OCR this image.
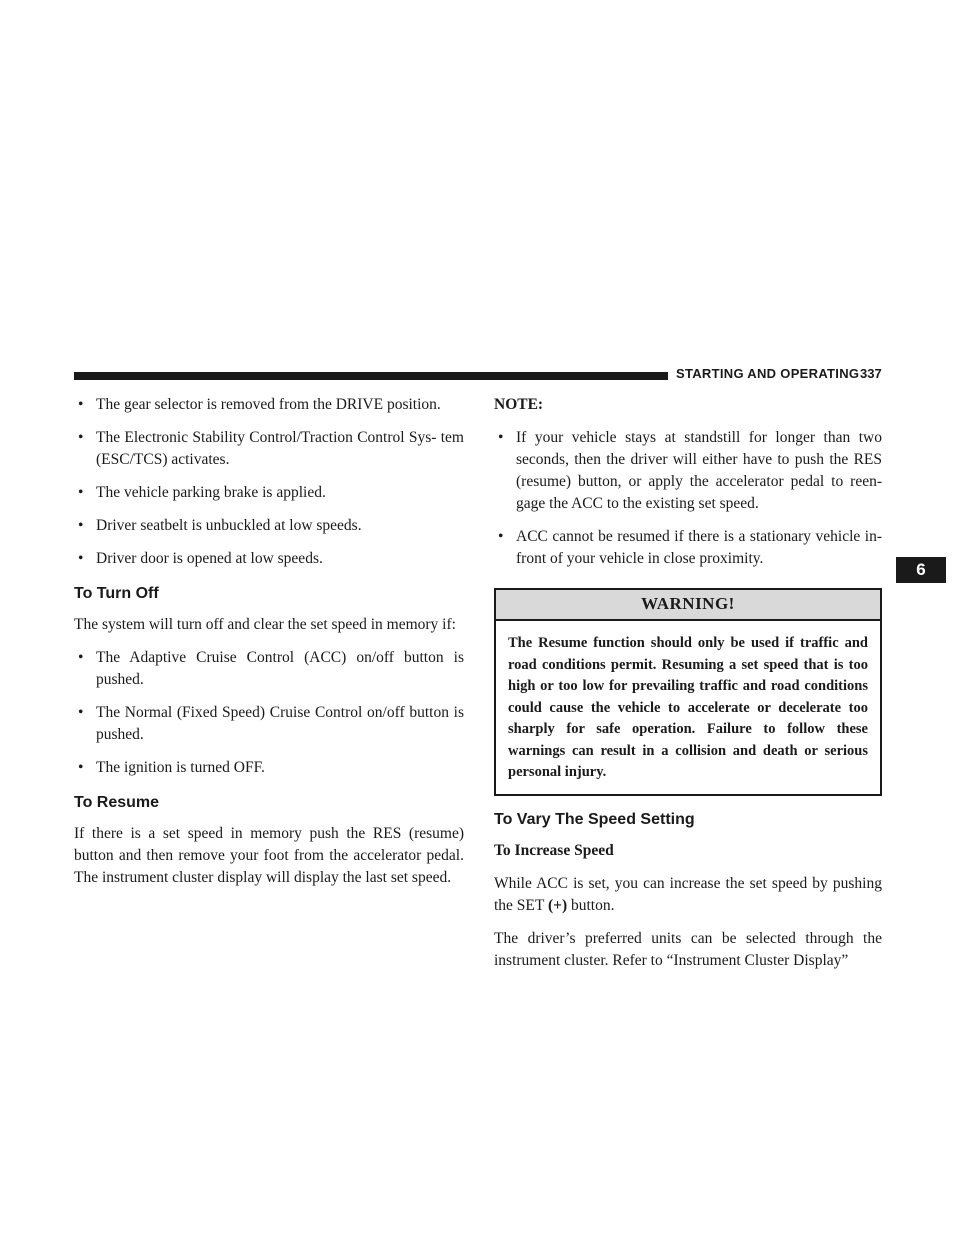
STARTING AND OPERATING 337
6
• The gear selector is removed from the DRIVE position.
• The Electronic Stability Control/Traction Control Sys- tem (ESC/TCS) activates.
• The vehicle parking brake is applied.
• Driver seatbelt is unbuckled at low speeds.
• Driver door is opened at low speeds.
To Turn Off

The system will turn off and clear the set speed in memory if:

• The Adaptive Cruise Control (ACC) on/off button is pushed.
• The Normal (Fixed Speed) Cruise Control on/off button is pushed.
• The ignition is turned OFF.
To Resume

If there is a set speed in memory push the RES (resume) button and then remove your foot from the accelerator pedal. The instrument cluster display will display the last set speed.

NOTE:
• If your vehicle stays at standstill for longer than two seconds, then the driver will either have to push the RES (resume) button, or apply the accelerator pedal to reen- gage the ACC to the existing set speed.
• ACC cannot be resumed if there is a stationary vehicle in-front of your vehicle in close proximity.
WARNING!
The Resume function should only be used if traffic and road conditions permit. Resuming a set speed that is too high or too low for prevailing traffic and road conditions could cause the vehicle to accelerate or decelerate too sharply for safe operation. Failure to follow these warnings can result in a collision and death or serious personal injury.
To Vary The Speed Setting
To Increase Speed

While ACC is set, you can increase the set speed by pushing the SET (+) button.

The driver’s preferred units can be selected through the instrument cluster. Refer to “Instrument Cluster Display”
